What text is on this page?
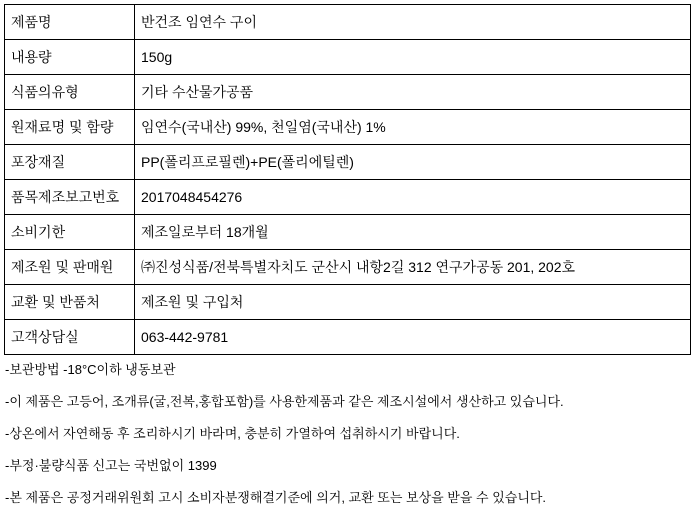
제품명	반건조 임연수 구이
내용량	150g
식품의유형	기타 수산물가공품
원재료명 및 함량	임연수(국내산) 99%, 천일염(국내산) 1%
포장재질	PP(폴리프로필렌)+PE(폴리에틸렌)
품목제조보고번호	2017048454276
소비기한	제조일로부터 18개월
제조원 및 판매원	㈜진성식품/전북특별자치도 군산시 내항2길 312 연구가공동 201, 202호
교환 및 반품처	제조원 및 구입처
고객상담실	063-442-9781
-보관방법 -18°C이하 냉동보관
-이 제품은 고등어, 조개류(굴,전복,홍합포함)를 사용한제품과 같은 제조시설에서 생산하고 있습니다.
-상온에서 자연해동 후 조리하시기 바라며, 충분히 가열하여 섭취하시기 바랍니다.
-부정·불량식품 신고는 국번없이 1399
-본 제품은 공정거래위원회 고시 소비자분쟁해결기준에 의거, 교환 또는 보상을 받을 수 있습니다.
